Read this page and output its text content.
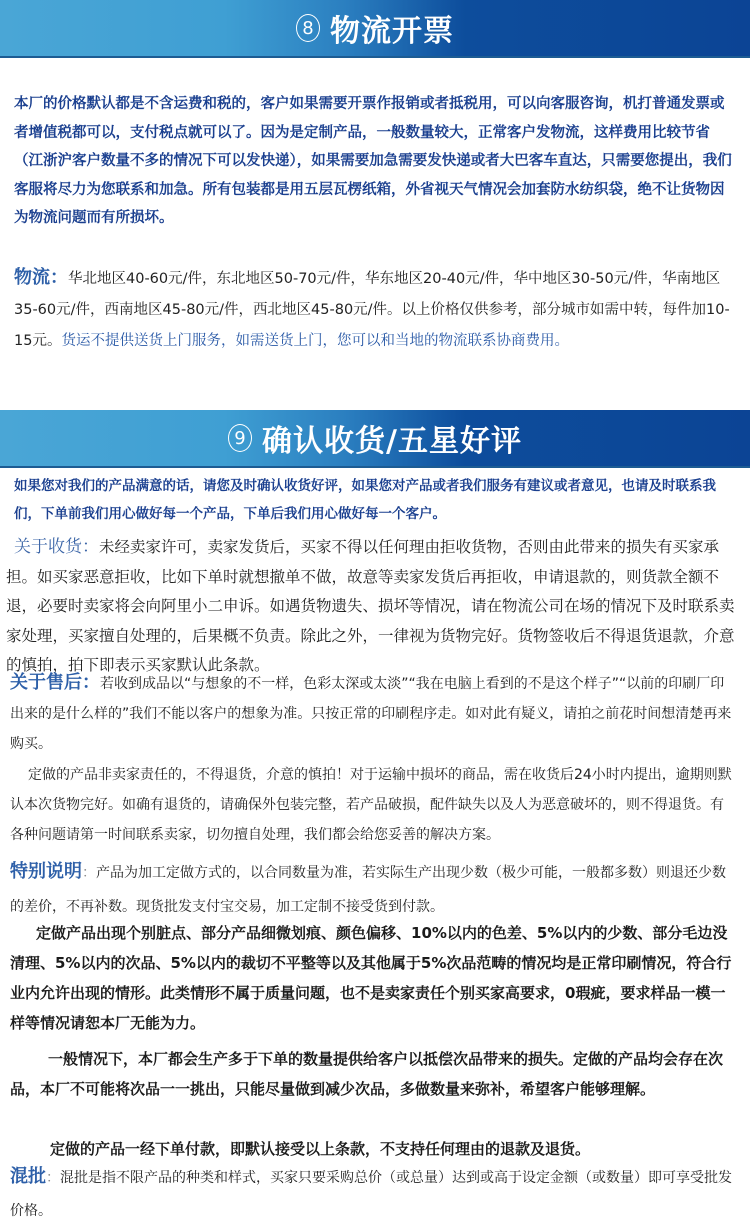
8 物流开票
本厂的价格默认都是不含运费和税的，客户如果需要开票作报销或者抵税用，可以向客服咨询，机打普通发票或者增值税都可以，支付税点就可以了。因为是定制产品，一般数量较大，正常客户发物流，这样费用比较节省（江浙沪客户数量不多的情况下可以发快递），如果需要加急需要发快递或者大巴客车直达，只需要您提出，我们客服将尽力为您联系和加急。所有包装都是用五层瓦楞纸箱，外省视天气情况会加套防水纺织袋，绝不让货物因为物流问题而有所损坏。
物流：华北地区40-60元/件，东北地区50-70元/件，华东地区20-40元/件，华中地区30-50元/件，华南地区35-60元/件，西南地区45-80元/件，西北地区45-80元/件。以上价格仅供参考，部分城市如需中转，每件加10-15元。货运不提供送货上门服务，如需送货上门，您可以和当地的物流联系协商费用。
9 确认收货/五星好评
如果您对我们的产品满意的话，请您及时确认收货好评，如果您对产品或者我们服务有建议或者意见，也请及时联系我们，下单前我们用心做好每一个产品，下单后我们用心做好每一个客户。
关于收货：未经卖家许可，卖家发货后，买家不得以任何理由拒收货物，否则由此带来的损失有买家承担。如买家恶意拒收，比如下单时就想撤单不做，故意等卖家发货后再拒收，申请退款的，则货款全额不退，必要时卖家将会向阿里小二申诉。如遇货物遗失、损坏等情况，请在物流公司在场的情况下及时联系卖家处理，买家擅自处理的，后果概不负责。除此之外，一律视为货物完好。货物签收后不得退货退款，介意的慎拍，拍下即表示买家默认此条款。
关于售后：若收到成品以“与想象的不一样，色彩太深或太淡”“我在电脑上看到的不是这个样子”“以前的印刷厂印出来的是什么样的”我们不能以客户的想象为准。只按正常的印刷程序走。如对此有疑义，请拍之前花时间想清楚再来购买。
定做的产品非卖家责任的，不得退货，介意的慎拍！对于运输中损坏的商品，需在收货后24小时内提出，逾期则默认本次货物完好。如确有退货的，请确保外包装完整，若产品破损，配件缺失以及人为恶意破坏的，则不得退货。有各种问题请第一时间联系卖家，切勿擅自处理，我们都会给您妥善的解决方案。
特别说明：产品为加工定做方式的，以合同数量为准，若实际生产出现少数（极少可能，一般都多数）则退还少数的差价，不再补数。现货批发支付宝交易，加工定制不接受货到付款。
定做产品出现个别脏点、部分产品细微划痕、颜色偏移、10%以内的色差、5%以内的少数、部分毛边没清理、5%以内的次品、5%以内的裁切不平整等以及其他属于5%次品范畴的情况均是正常印刷情况，符合行业内允许出现的情形。此类情形不属于质量问题，也不是卖家责任个别买家高要求，0瑕疵，要求样品一模一样等情况请恕本厂无能为力。
一般情况下，本厂都会生产多于下单的数量提供给客户以抵偿次品带来的损失。定做的产品均会存在次品，本厂不可能将次品一一挑出，只能尽量做到减少次品，多做数量来弥补，希望客户能够理解。
定做的产品一经下单付款，即默认接受以上条款，不支持任何理由的退款及退货。
混批：混批是指不限产品的种类和样式，买家只要采购总价（或总量）达到或高于设定金额（或数量）即可享受批发价格。
